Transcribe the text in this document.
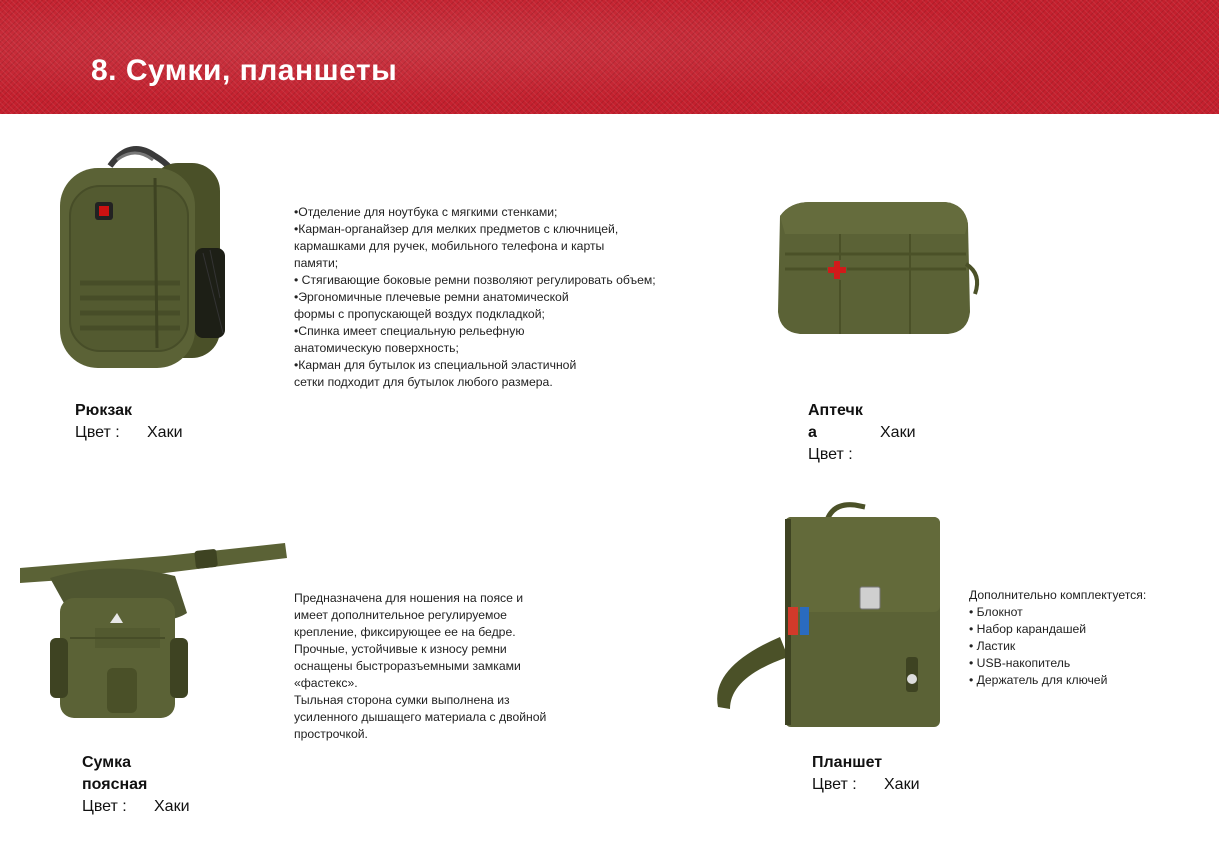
8. Сумки, планшеты

•Отделение для ноутбука с мягкими стенками;
•Карман-органайзер для мелких предметов с ключницей,
кармашками для ручек, мобильного телефона и карты
памяти;
• Стягивающие боковые ремни позволяют регулировать объем;
•Эргономичные плечевые ремни анатомической
формы с пропускающей воздух подкладкой;
•Спинка имеет специальную рельефную
анатомическую поверхность;
•Карман для бутылок из специальной эластичной
сетки подходит для бутылок любого размера.

Рюкзак
Цвет :	Хаки
Аптечк
а	Хаки
Цвет :

Предназначена для ношения на поясе и
имеет дополнительное регулируемое
крепление, фиксирующее ее на бедре.
Прочные, устойчивые к износу ремни
оснащены быстроразъемными замками
«фастекс».
Тыльная сторона сумки выполнена из
усиленного дышащего материала с двойной
прострочкой.

Сумка
поясная
Цвет :	Хаки

Дополнительно комплектуется:

• Блокнот
• Набор карандашей
• Ластик
• USB-накопитель
• Держатель для ключей
Планшет
Цвет :	Хаки
